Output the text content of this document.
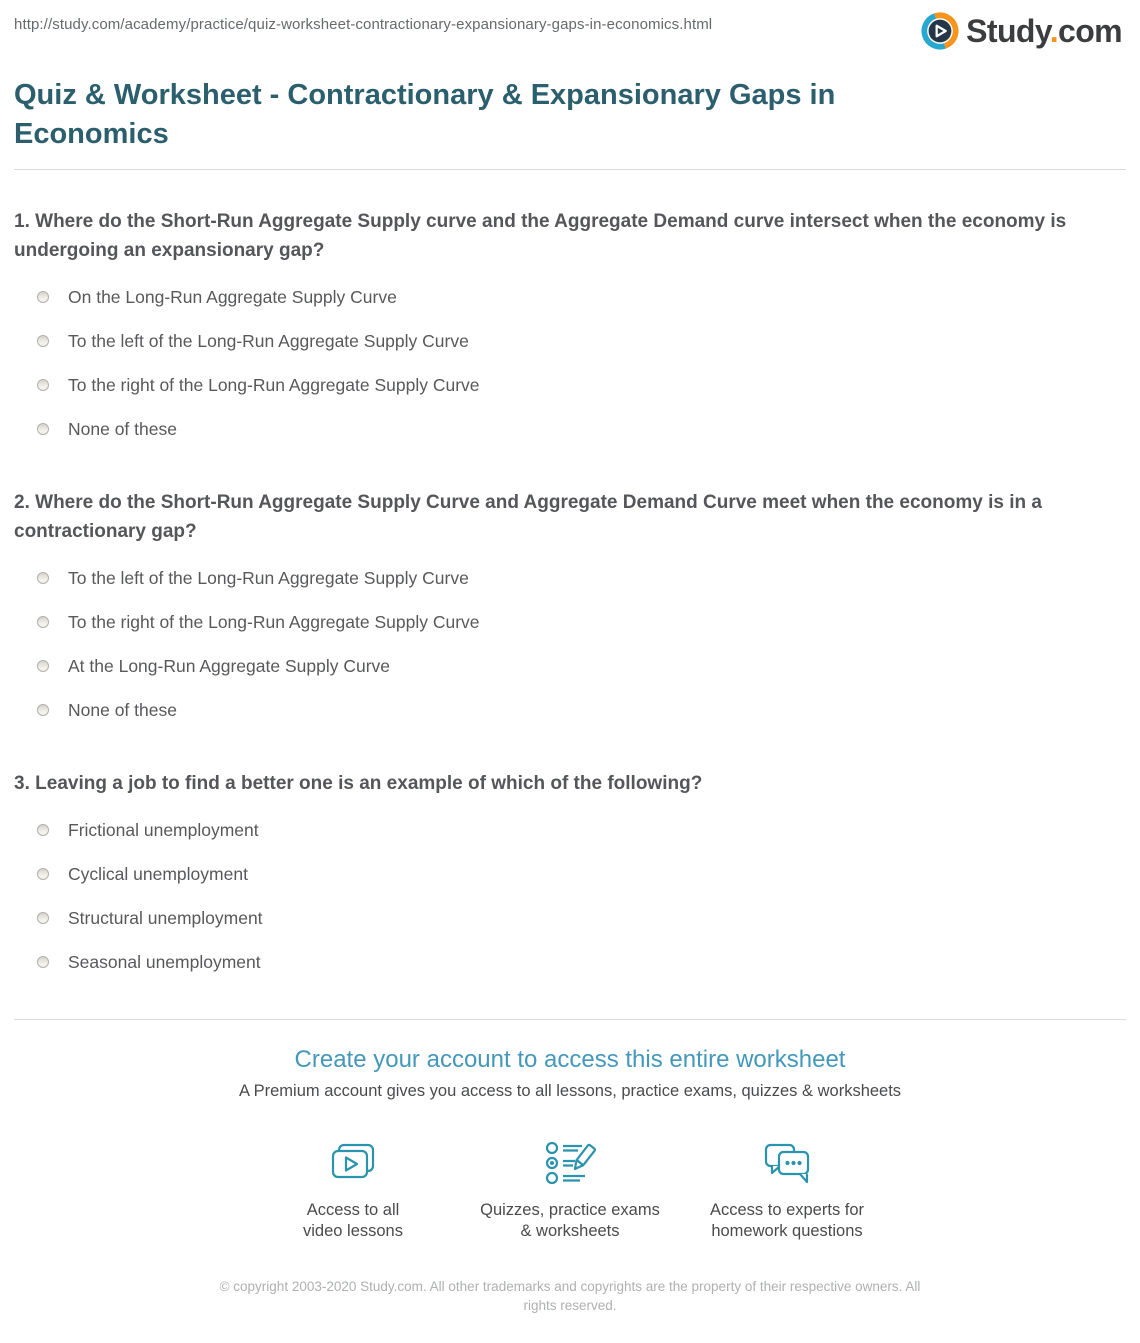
http://study.com/academy/practice/quiz-worksheet-contractionary-expansionary-gaps-in-economics.html	Study.com
Quiz & Worksheet - Contractionary & Expansionary Gaps in Economics

1. Where do the Short-Run Aggregate Supply curve and the Aggregate Demand curve intersect when the economy is undergoing an expansionary gap?

On the Long-Run Aggregate Supply Curve
To the left of the Long-Run Aggregate Supply Curve
To the right of the Long-Run Aggregate Supply Curve
None of these

2. Where do the Short-Run Aggregate Supply Curve and Aggregate Demand Curve meet when the economy is in a contractionary gap?

To the left of the Long-Run Aggregate Supply Curve
To the right of the Long-Run Aggregate Supply Curve
At the Long-Run Aggregate Supply Curve
None of these

3. Leaving a job to find a better one is an example of which of the following?

Frictional unemployment
Cyclical unemployment
Structural unemployment
Seasonal unemployment
Create your account to access this entire worksheet
A Premium account gives you access to all lessons, practice exams, quizzes & worksheets
Access to all
video lessons
Quizzes, practice exams
& worksheets
Access to experts for
homework questions
© copyright 2003-2020 Study.com. All other trademarks and copyrights are the property of their respective owners. All rights reserved.
